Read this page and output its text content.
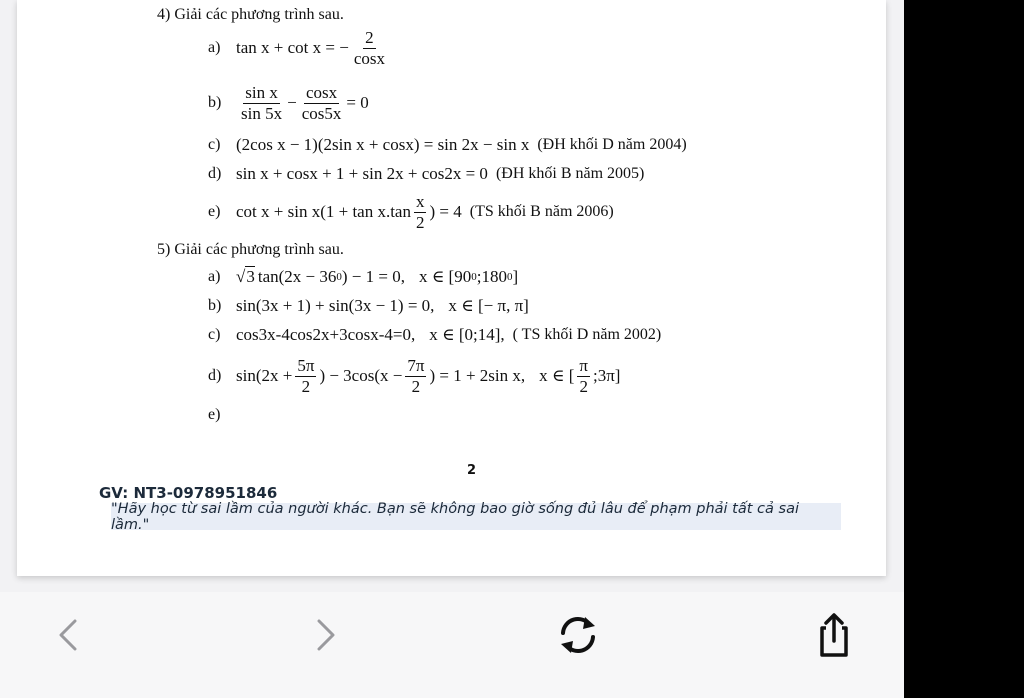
4) Giải các phương trình sau.
a) tan x + cot x = − $\frac{2}{\cos x}$
b)	$\frac{\text{sin x}}{\sin 5x} - \frac{\cos x}{\cos 5x} = 0$
c) (2cos x − 1)(2sin x + cosx) = sin 2x − sin x (ĐH khối D năm 2004)
d) sin x + cosx + 1 + sin 2x + cos2x = 0 (ĐH khối B năm 2005)
e) $\cot x + \sin x(1 + \tan x.\tan \frac{x}{2}$ ) = 4 (TS khối B năm 2006)
5) Giải các phương trình sau.
a) √ 3 tan(2x − 36 0 ) − 1 = 0, x ∈ [90 0 ;180 0 ]
b) sin(3x + 1) + sin(3x − 1) = 0, x ∈ [− π, π]
c) cos3x-4cos2x+3cosx-4=0, x ∈ [0;14], ( TS khối D năm 2002)
d) $\sin(2x + \frac{5\pi}{2}$ ) − $3\cos(x - \frac{7\pi}{2}$ ) = 1 + 2sin x, x ∈ [ $\frac{\pi}{2}$ ;3π]
e)
2
GV: NT3-0978951846
"Hãy học từ sai lầm của người khác. Bạn sẽ không bao giờ sống đủ lâu để phạm phải tất cả sai lầm."
